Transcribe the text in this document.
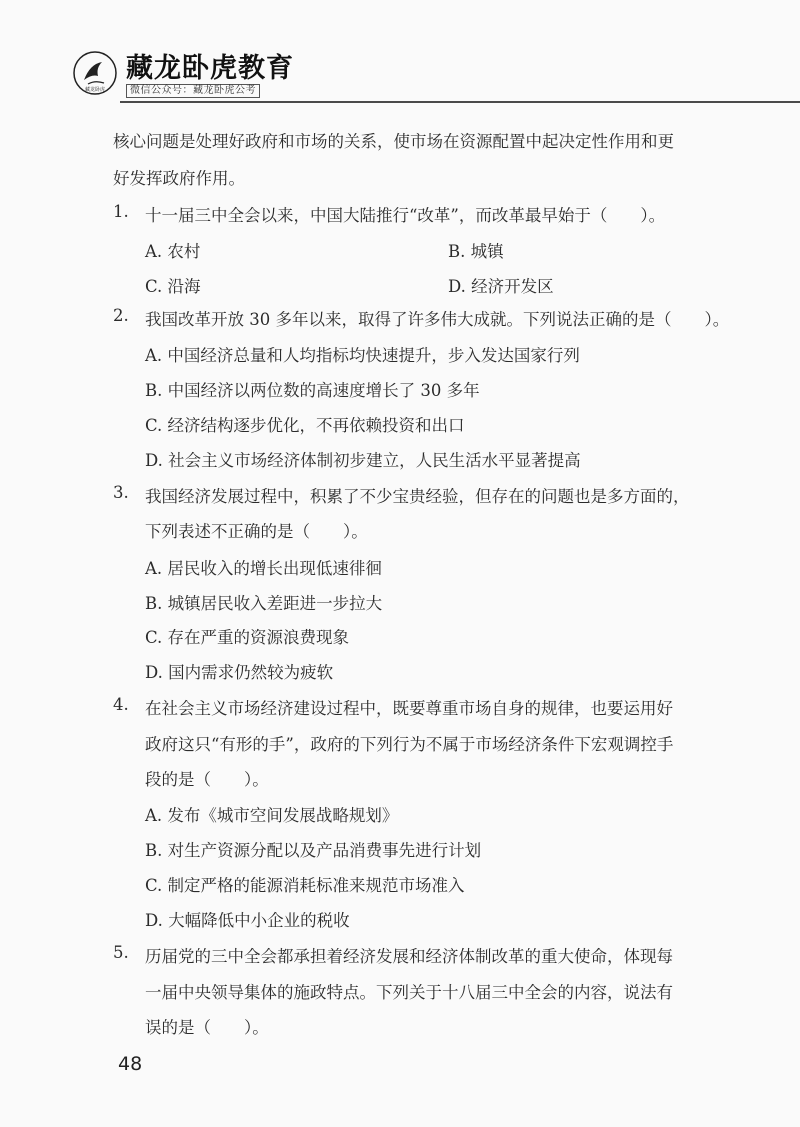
藏龙卧虎
藏龙卧虎教育
微信公众号：藏龙卧虎公考
核心问题是处理好政府和市场的关系，使市场在资源配置中起决定性作用和更
好发挥政府作用。
1. 十一届三中全会以来，中国大陆推行“改革”，而改革最早始于（　　）。
A. 农村	B. 城镇
C. 沿海	D. 经济开发区
2. 我国改革开放 30 多年以来，取得了许多伟大成就。下列说法正确的是（　　）。
A. 中国经济总量和人均指标均快速提升，步入发达国家行列
B. 中国经济以两位数的高速度增长了 30 多年
C. 经济结构逐步优化，不再依赖投资和出口
D. 社会主义市场经济体制初步建立，人民生活水平显著提高
3. 我国经济发展过程中，积累了不少宝贵经验，但存在的问题也是多方面的，
下列表述不正确的是（　　）。
A. 居民收入的增长出现低速徘徊
B. 城镇居民收入差距进一步拉大
C. 存在严重的资源浪费现象
D. 国内需求仍然较为疲软
4. 在社会主义市场经济建设过程中，既要尊重市场自身的规律，也要运用好
政府这只“有形的手”，政府的下列行为不属于市场经济条件下宏观调控手
段的是（　　）。
A. 发布《城市空间发展战略规划》
B. 对生产资源分配以及产品消费事先进行计划
C. 制定严格的能源消耗标准来规范市场准入
D. 大幅降低中小企业的税收
5. 历届党的三中全会都承担着经济发展和经济体制改革的重大使命，体现每
一届中央领导集体的施政特点。下列关于十八届三中全会的内容，说法有
误的是（　　）。
48
